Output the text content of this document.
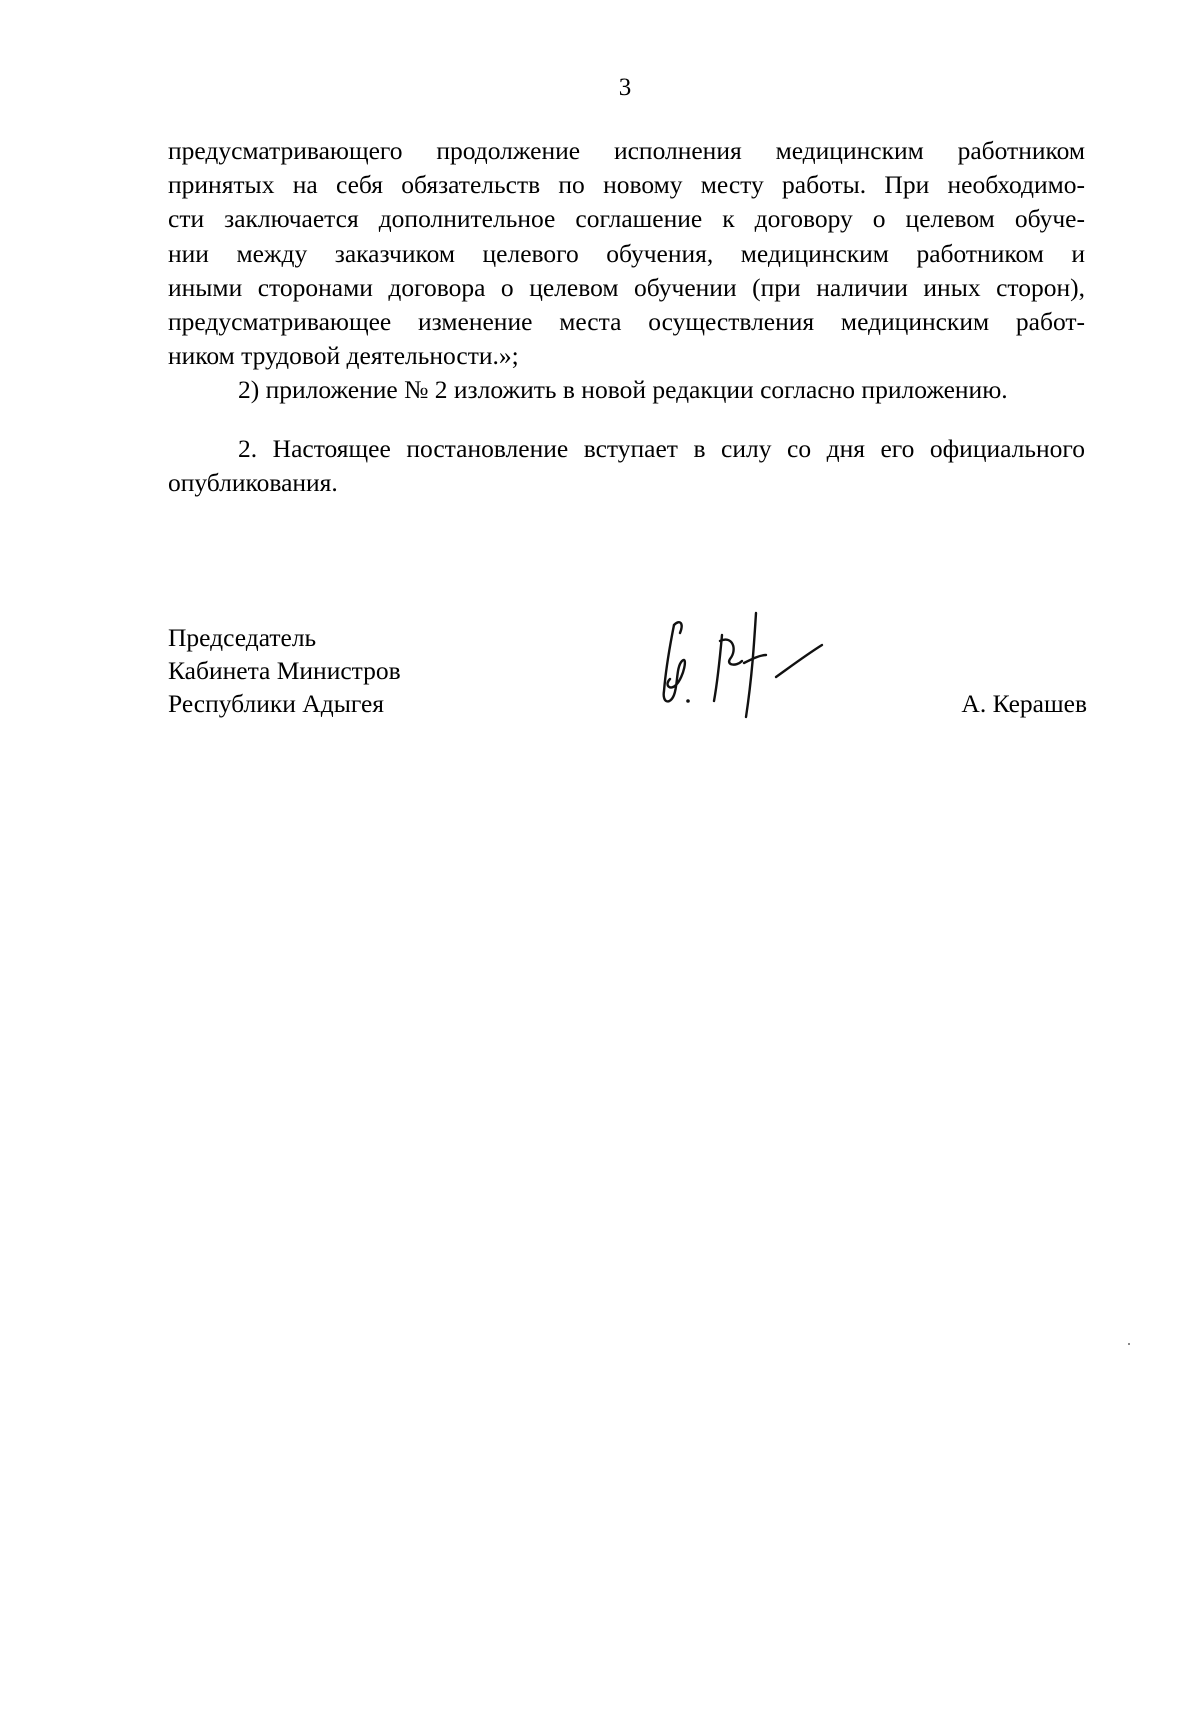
3
предусматривающего продолжение исполнения медицинским работником
принятых на себя обязательств по новому месту работы. При необходимо-
сти заключается дополнительное соглашение к договору о целевом обуче-
нии между заказчиком целевого обучения, медицинским работником и
иными сторонами договора о целевом обучении (при наличии иных сторон),
предусматривающее изменение места осуществления медицинским работ-
ником трудовой деятельности.»;
2) приложение № 2 изложить в новой редакции согласно приложению.
2. Настоящее постановление вступает в силу со дня его официального
опубликования.
Председатель
Кабинета Министров
Республики Адыгея	А. Керашев
